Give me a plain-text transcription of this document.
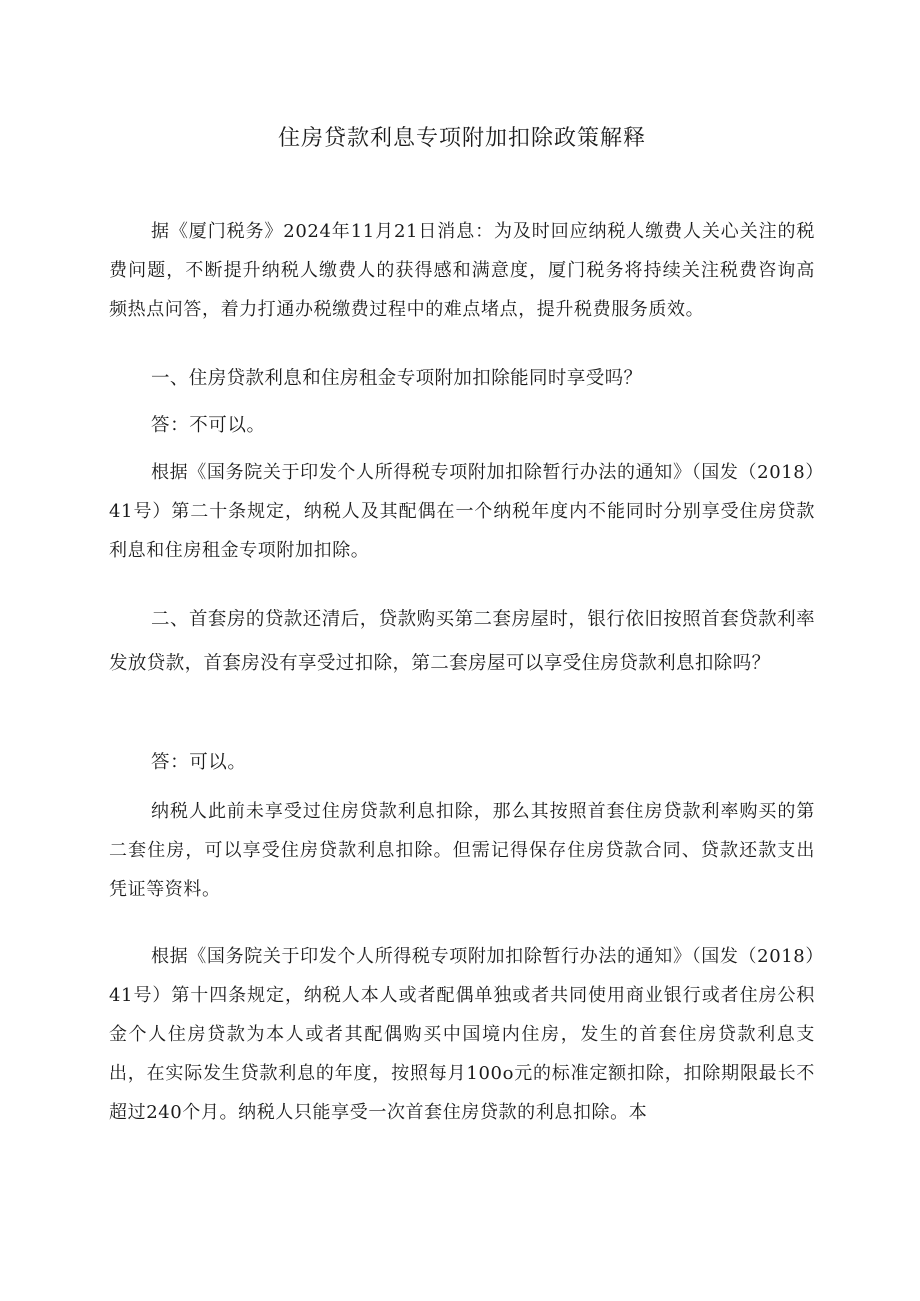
住房贷款利息专项附加扣除政策解释

据《厦门税务》2024年11月21日消息：为及时回应纳税人缴费人关心关注的税费问题，不断提升纳税人缴费人的获得感和满意度，厦门税务将持续关注税费咨询高频热点问答，着力打通办税缴费过程中的难点堵点，提升税费服务质效。

一、住房贷款利息和住房租金专项附加扣除能同时享受吗？

答：不可以。

根据《国务院关于印发个人所得税专项附加扣除暂行办法的通知》（国发（2018）41号）第二十条规定，纳税人及其配偶在一个纳税年度内不能同时分别享受住房贷款利息和住房租金专项附加扣除。

二、首套房的贷款还清后，贷款购买第二套房屋时，银行依旧按照首套贷款利率发放贷款，首套房没有享受过扣除，第二套房屋可以享受住房贷款利息扣除吗？

答：可以。

纳税人此前未享受过住房贷款利息扣除，那么其按照首套住房贷款利率购买的第二套住房，可以享受住房贷款利息扣除。但需记得保存住房贷款合同、贷款还款支出凭证等资料。

根据《国务院关于印发个人所得税专项附加扣除暂行办法的通知》（国发（2018）41号）第十四条规定，纳税人本人或者配偶单独或者共同使用商业银行或者住房公积金个人住房贷款为本人或者其配偶购买中国境内住房，发生的首套住房贷款利息支出，在实际发生贷款利息的年度，按照每月100o元的标准定额扣除，扣除期限最长不超过240个月。纳税人只能享受一次首套住房贷款的利息扣除。本
